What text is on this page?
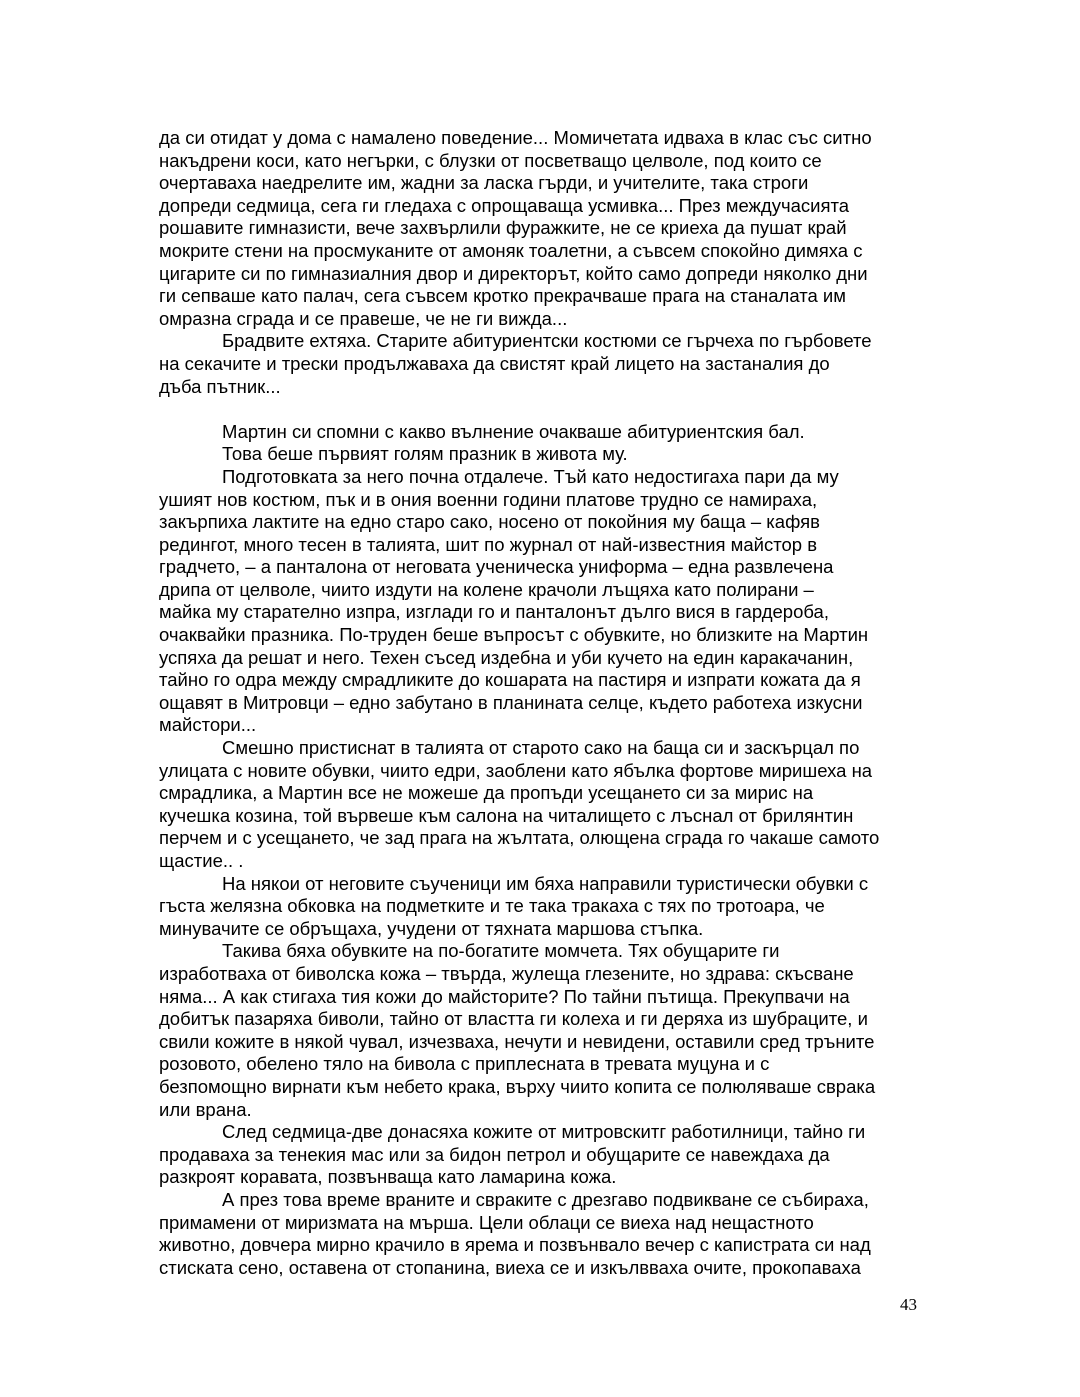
да си отидат у дома с намалено поведение... Момичетата идваха в клас със ситно
накъдрени коси, като негърки, с блузки от посветващо целволе, под които се
очертаваха наедрелите им, жадни за ласка гърди, и учителите, така строги
допреди седмица, сега ги гледаха с опрощаваща усмивка... През междучасията
рошавите гимназисти, вече захвърлили фуражките, не се криеха да пушат край
мокрите стени на просмуканите от амоняк тоалетни, а съвсем спокойно димяха с
цигарите си по гимназиалния двор и директорът, който само допреди няколко дни
ги сепваше като палач, сега съвсем кротко прекрачваше прага на станалата им
омразна сграда и се правеше, че не ги вижда...

Брадвите ехтяха. Старите абитуриентски костюми се гърчеха по гърбовете
на секачите и трески продължаваха да свистят край лицето на застаналия до
дъба пътник...

Мартин си спомни с какво вълнение очакваше абитуриентския бал.

Това беше първият голям празник в живота му.

Подготовката за него почна отдалече. Тъй като недостигаха пари да му
ушият нов костюм, пък и в ония военни години платове трудно се намираха,
закърпиха лактите на едно старо сако, носено от покойния му баща – кафяв
редингот, много тесен в талията, шит по журнал от най-известния майстор в
градчето, – а панталона от неговата ученическа униформа – една развлечена
дрипа от целволе, чиито издути на колене крачоли лъщяха като полирани –
майка му старателно изпра, изглади го и панталонът дълго вися в гардероба,
очаквайки празника. По-труден беше въпросът с обувките, но близките на Мартин
успяха да решат и него. Техен съсед издебна и уби кучето на един каракачанин,
тайно го одра между смрадликите до кошарата на пастиря и изпрати кожата да я
ощавят в Митровци – едно забутано в планината селце, където работеха изкусни
майстори...

Смешно пристиснат в талията от старото сако на баща си и заскърцал по
улицата с новите обувки, чиито едри, заоблени като ябълка фортове миришеха на
смрадлика, а Мартин все не можеше да пропъди усещането си за мирис на
кучешка козина, той вървеше към салона на читалището с лъснал от брилянтин
перчем и с усещането, че зад прага на жълтата, олющена сграда го чакаше самото
щастие.. .

На някои от неговите съученици им бяха направили туристически обувки с
гъста желязна обковка на подметките и те така тракаха с тях по тротоара, че
минувачите се обръщаха, учудени от тяхната маршова стъпка.

Такива бяха обувките на по-богатите момчета. Тях обущарите ги
изработваха от биволска кожа – твърда, жулеща глезените, но здрава: скъсване
няма... А как стигаха тия кожи до майсторите? По тайни пътища. Прекупвачи на
добитък пазаряха биволи, тайно от властта ги колеха и ги деряха из шубраците, и
свили кожите в някой чувал, изчезваха, нечути и невидени, оставили сред тръните
розовото, обелено тяло на бивола с приплесната в тревата муцуна и с
безпомощно вирнати към небето крака, върху чиито копита се полюляваше сврака
или врана.

След седмица-две донасяха кожите от митровскитг работилници, тайно ги
продаваха за тенекия мас или за бидон петрол и обущарите се навеждаха да
разкроят коравата, позвънваща като ламарина кожа.

А през това време враните и свраките с дрезгаво подвикване се събираха,
примамени от миризмата на мърша. Цели облаци се виеха над нещастното
животно, довчера мирно крачило в ярема и позвънвало вечер с капистрата си над
стиската сено, оставена от стопанина, виеха се и изкълвваха очите, прокопаваха

43
